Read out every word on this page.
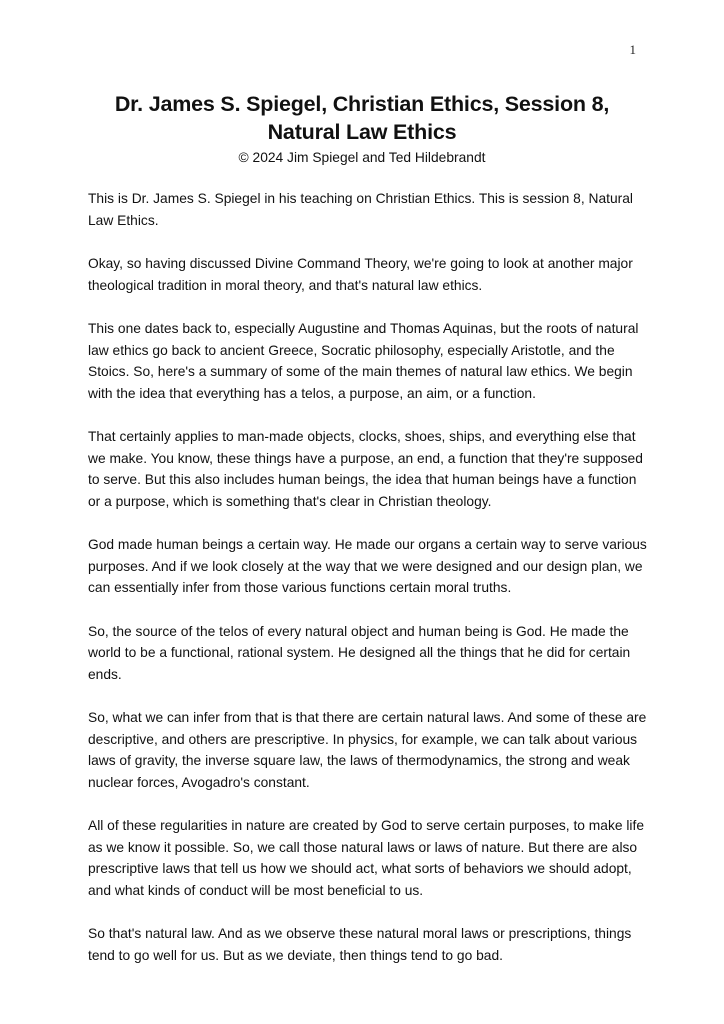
1
Dr. James S. Spiegel, Christian Ethics, Session 8,
Natural Law Ethics

© 2024 Jim Spiegel and Ted Hildebrandt

This is Dr. James S. Spiegel in his teaching on Christian Ethics. This is session 8, Natural Law Ethics.

Okay, so having discussed Divine Command Theory, we're going to look at another major theological tradition in moral theory, and that's natural law ethics.

This one dates back to, especially Augustine and Thomas Aquinas, but the roots of natural law ethics go back to ancient Greece, Socratic philosophy, especially Aristotle, and the Stoics. So, here's a summary of some of the main themes of natural law ethics. We begin with the idea that everything has a telos, a purpose, an aim, or a function.

That certainly applies to man-made objects, clocks, shoes, ships, and everything else that we make. You know, these things have a purpose, an end, a function that they're supposed to serve. But this also includes human beings, the idea that human beings have a function or a purpose, which is something that's clear in Christian theology.

God made human beings a certain way. He made our organs a certain way to serve various purposes. And if we look closely at the way that we were designed and our design plan, we can essentially infer from those various functions certain moral truths.

So, the source of the telos of every natural object and human being is God. He made the world to be a functional, rational system. He designed all the things that he did for certain ends.

So, what we can infer from that is that there are certain natural laws. And some of these are descriptive, and others are prescriptive. In physics, for example, we can talk about various laws of gravity, the inverse square law, the laws of thermodynamics, the strong and weak nuclear forces, Avogadro's constant.

All of these regularities in nature are created by God to serve certain purposes, to make life as we know it possible. So, we call those natural laws or laws of nature. But there are also prescriptive laws that tell us how we should act, what sorts of behaviors we should adopt, and what kinds of conduct will be most beneficial to us.

So that's natural law. And as we observe these natural moral laws or prescriptions, things tend to go well for us. But as we deviate, then things tend to go bad.
